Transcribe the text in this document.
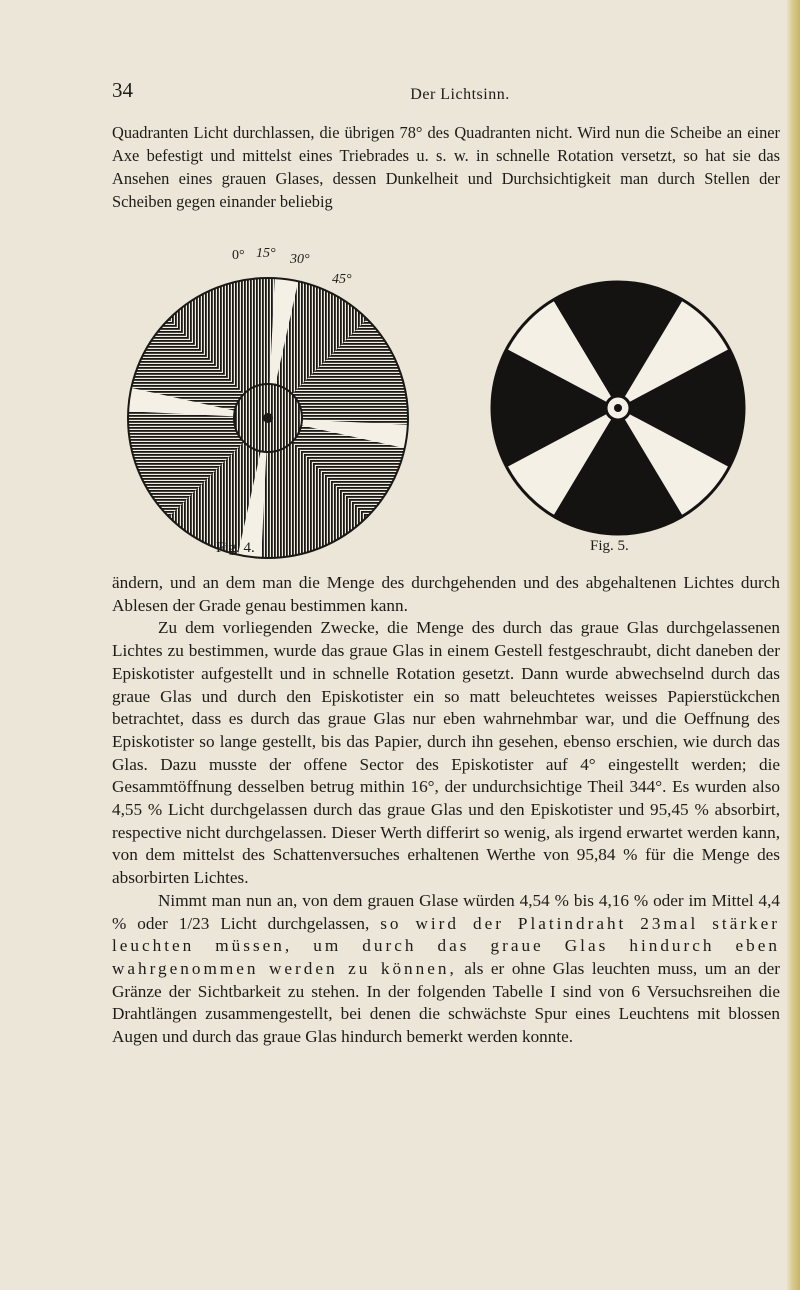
34	Der Lichtsinn.

Quadranten Licht durchlassen, die übrigen 78° des Quadranten nicht. Wird nun die Scheibe an einer Axe befestigt und mittelst eines Triebrades u. s. w. in schnelle Rotation versetzt, so hat sie das Ansehen eines grauen Glases, dessen Dunkelheit und Durchsichtigkeit man durch Stellen der Scheiben gegen einander beliebig

0° 15° 30°
45°
Fig. 4.	Fig. 5.

ändern, und an dem man die Menge des durchgehenden und des abgehaltenen Lichtes durch Ablesen der Grade genau bestimmen kann.

Zu dem vorliegenden Zwecke, die Menge des durch das graue Glas durchgelassenen Lichtes zu bestimmen, wurde das graue Glas in einem Gestell festgeschraubt, dicht daneben der Episkotister aufgestellt und in schnelle Rotation gesetzt. Dann wurde abwechselnd durch das graue Glas und durch den Episkotister ein so matt beleuchtetes weisses Papierstückchen betrachtet, dass es durch das graue Glas nur eben wahrnehmbar war, und die Oeffnung des Episkotister so lange gestellt, bis das Papier, durch ihn gesehen, ebenso erschien, wie durch das Glas. Dazu musste der offene Sector des Episkotister auf 4° eingestellt werden; die Gesammtöffnung desselben betrug mithin 16°, der undurchsichtige Theil 344°. Es wurden also 4,55 % Licht durchgelassen durch das graue Glas und den Episkotister und 95,45 % absorbirt, respective nicht durchgelassen. Dieser Werth differirt so wenig, als irgend erwartet werden kann, von dem mittelst des Schattenversuches erhaltenen Werthe von 95,84 % für die Menge des absorbirten Lichtes.

Nimmt man nun an, von dem grauen Glase würden 4,54 % bis 4,16 % oder im Mittel 4,4 % oder 1/23 Licht durchgelassen, so wird der Platindraht 23mal stärker leuchten müssen, um durch das graue Glas hindurch eben wahrgenommen werden zu können, als er ohne Glas leuchten muss, um an der Gränze der Sichtbarkeit zu stehen. In der folgenden Tabelle I sind von 6 Versuchsreihen die Drahtlängen zusammengestellt, bei denen die schwächste Spur eines Leuchtens mit blossen Augen und durch das graue Glas hindurch bemerkt werden konnte.
